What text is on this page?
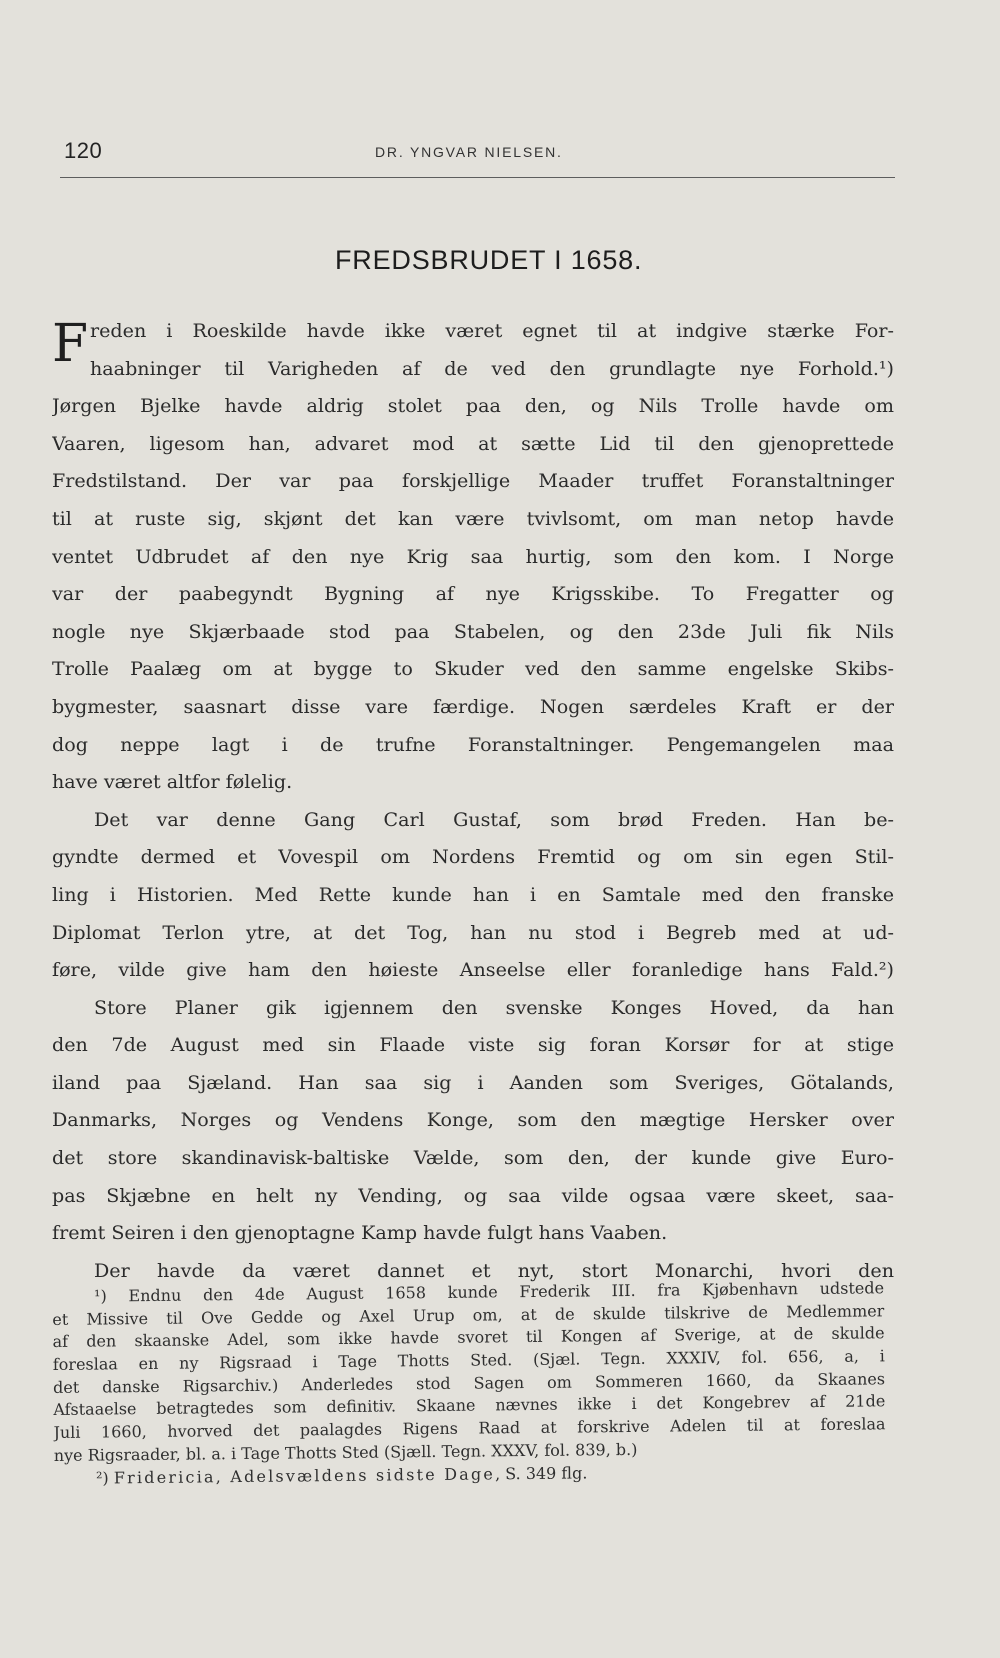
120	DR. YNGVAR NIELSEN.
FREDSBRUDET I 1658.
F reden i Roeskilde havde ikke været egnet til at indgive stærke For-
haabninger til Varigheden af de ved den grundlagte nye Forhold.¹)
Jørgen Bjelke havde aldrig stolet paa den, og Nils Trolle havde om
Vaaren, ligesom han, advaret mod at sætte Lid til den gjenoprettede
Fredstilstand. Der var paa forskjellige Maader truffet Foranstaltninger
til at ruste sig, skjønt det kan være tvivlsomt, om man netop havde
ventet Udbrudet af den nye Krig saa hurtig, som den kom. I Norge
var der paabegyndt Bygning af nye Krigsskibe. To Fregatter og
nogle nye Skjærbaade stod paa Stabelen, og den 23de Juli fik Nils
Trolle Paalæg om at bygge to Skuder ved den samme engelske Skibs-
bygmester, saasnart disse vare færdige. Nogen særdeles Kraft er der
dog neppe lagt i de trufne Foranstaltninger. Pengemangelen maa
have været altfor følelig.
Det var denne Gang Carl Gustaf, som brød Freden. Han be-
gyndte dermed et Vovespil om Nordens Fremtid og om sin egen Stil-
ling i Historien. Med Rette kunde han i en Samtale med den franske
Diplomat Terlon ytre, at det Tog, han nu stod i Begreb med at ud-
føre, vilde give ham den høieste Anseelse eller foranledige hans Fald.²)
Store Planer gik igjennem den svenske Konges Hoved, da han
den 7de August med sin Flaade viste sig foran Korsør for at stige
iland paa Sjæland. Han saa sig i Aanden som Sveriges, Götalands,
Danmarks, Norges og Vendens Konge, som den mægtige Hersker over
det store skandinavisk-baltiske Vælde, som den, der kunde give Euro-
pas Skjæbne en helt ny Vending, og saa vilde ogsaa være skeet, saa-
fremt Seiren i den gjenoptagne Kamp havde fulgt hans Vaaben.
Der havde da været dannet et nyt, stort Monarchi, hvori den
¹) Endnu den 4de August 1658 kunde Frederik III. fra Kjøbenhavn udstede
et Missive til Ove Gedde og Axel Urup om, at de skulde tilskrive de Medlemmer
af den skaanske Adel, som ikke havde svoret til Kongen af Sverige, at de skulde
foreslaa en ny Rigsraad i Tage Thotts Sted. (Sjæl. Tegn. XXXIV, fol. 656, a, i
det danske Rigsarchiv.) Anderledes stod Sagen om Sommeren 1660, da Skaanes
Afstaaelse betragtedes som definitiv. Skaane nævnes ikke i det Kongebrev af 21de
Juli 1660, hvorved det paalagdes Rigens Raad at forskrive Adelen til at foreslaa
nye Rigsraader, bl. a. i Tage Thotts Sted (Sjæll. Tegn. XXXV, fol. 839, b.)
²) Fridericia, Adelsvældens sidste Dage, S. 349 flg.
